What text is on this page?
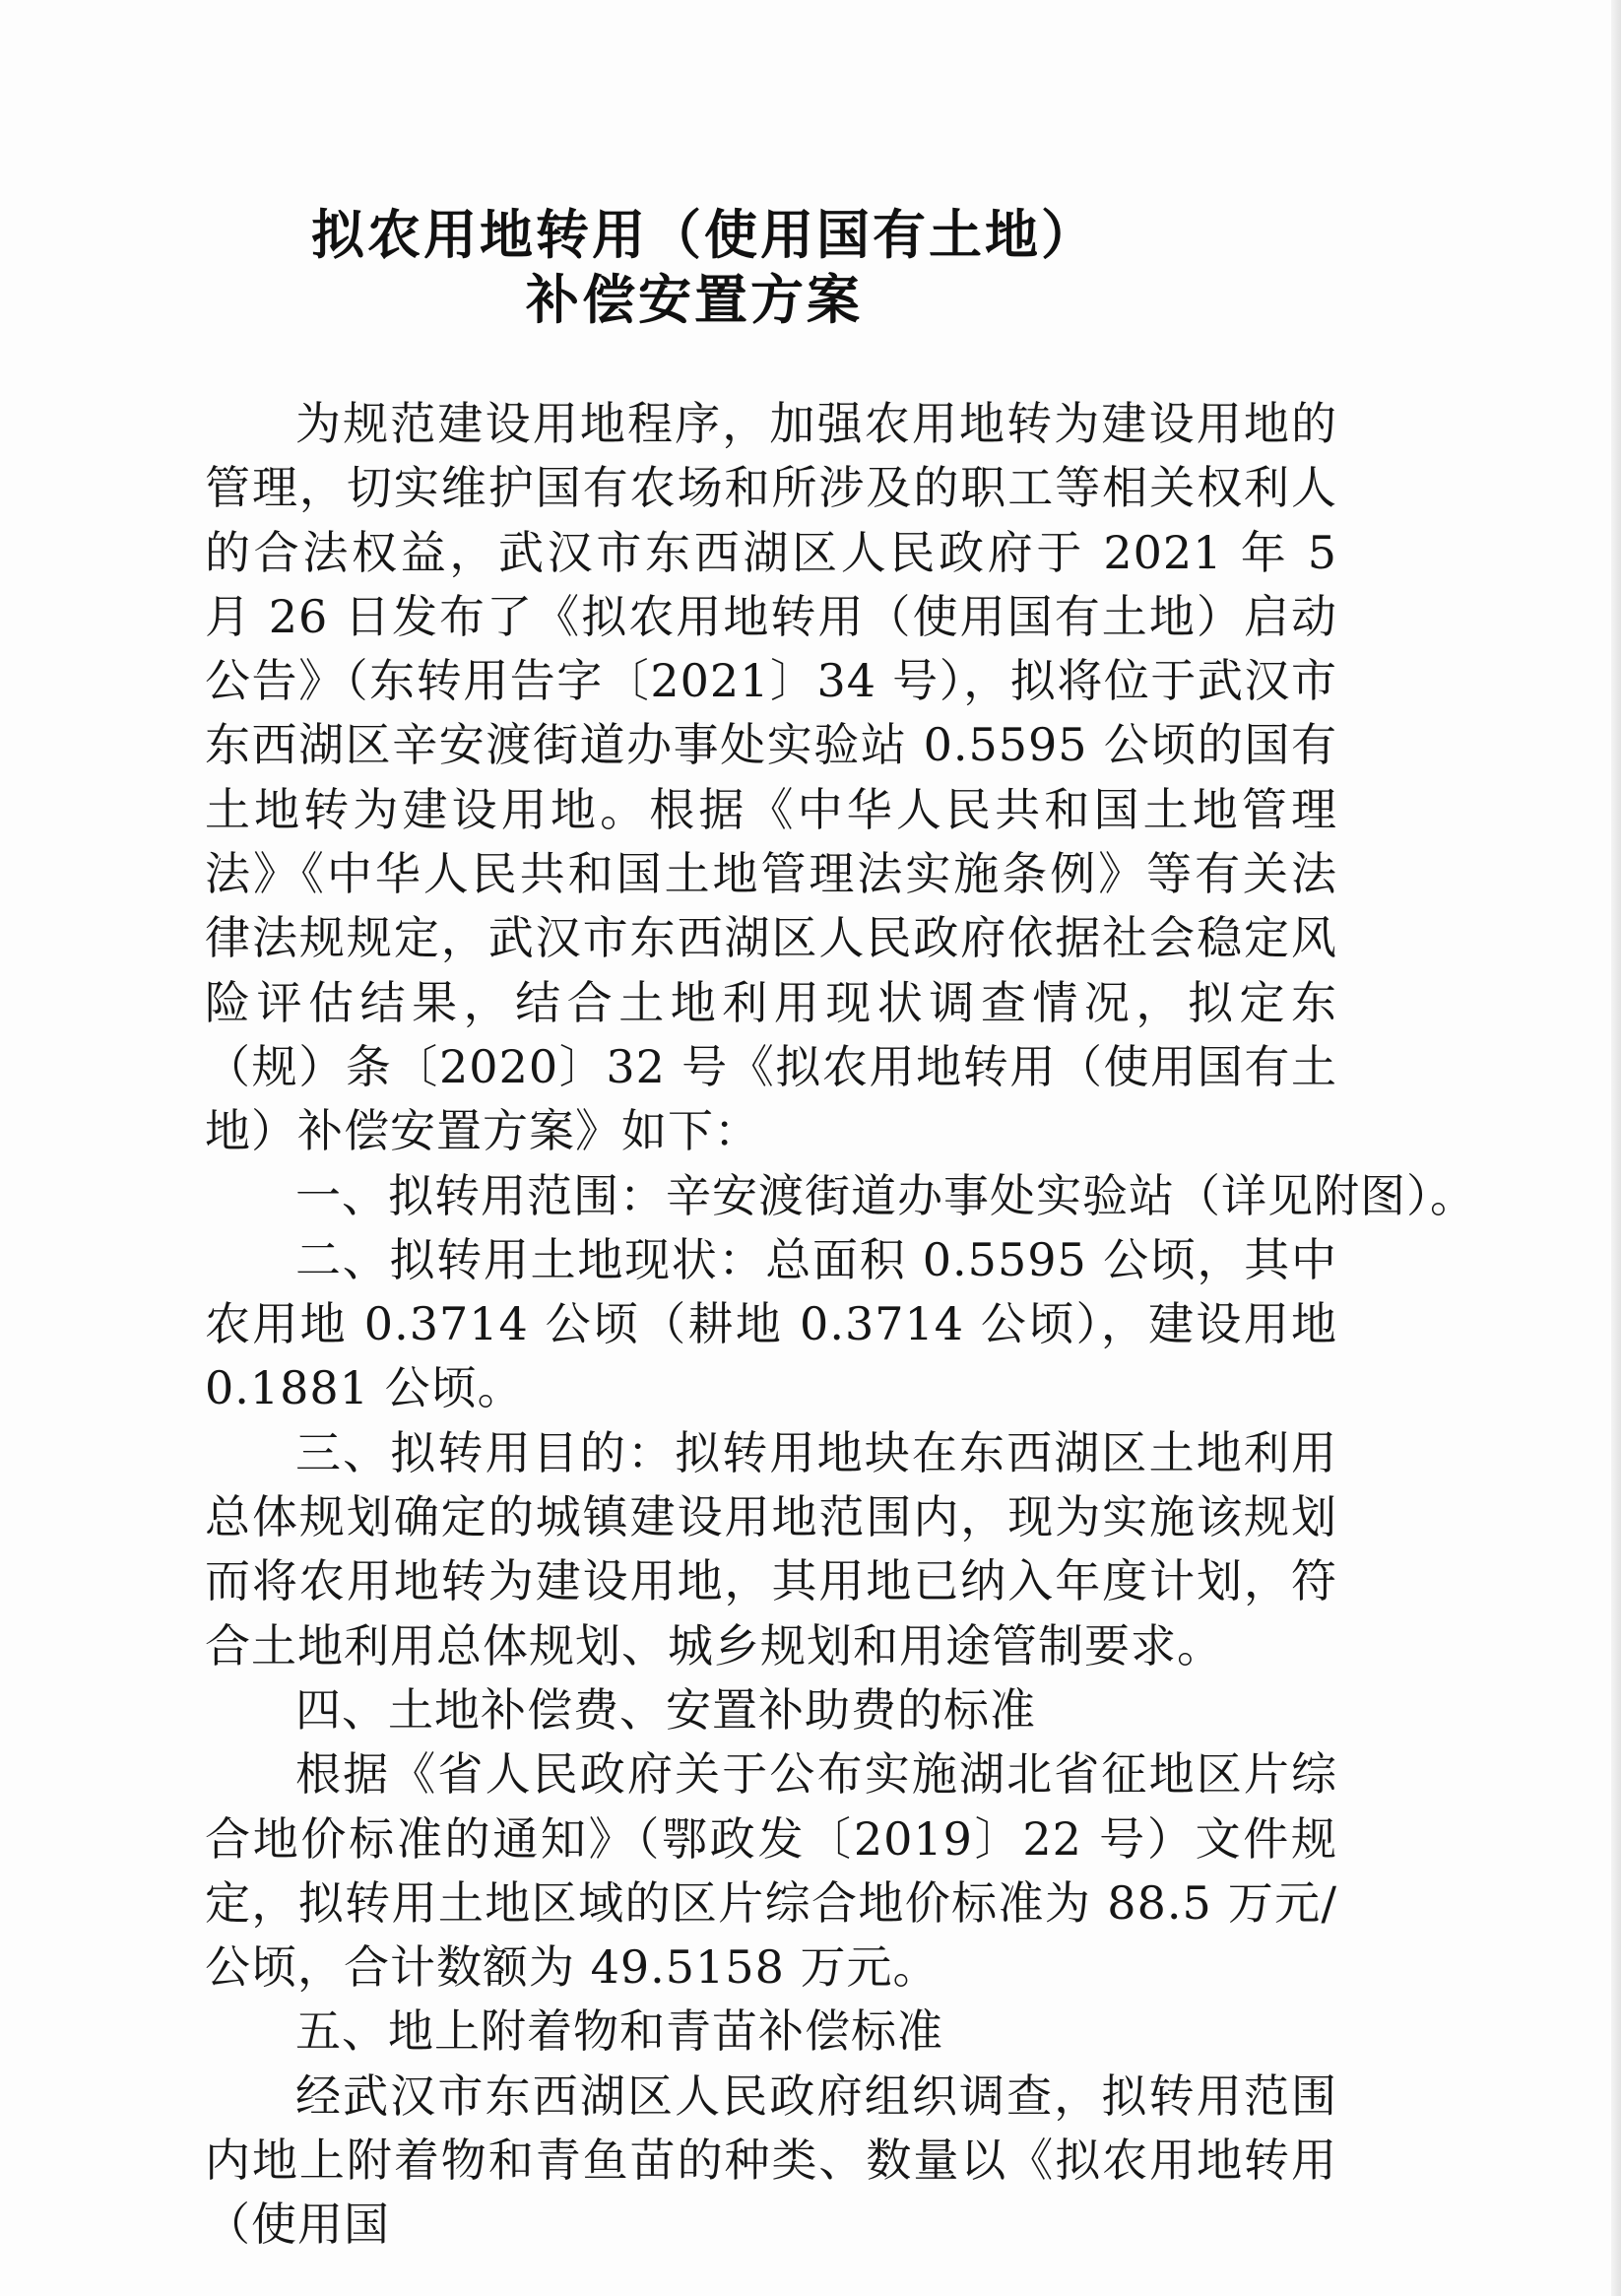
拟农用地转用（使用国有土地）
补偿安置方案

为规范建设用地程序，加强农用地转为建设用地的管理，切实维护国有农场和所涉及的职工等相关权利人的合法权益，武汉市东西湖区人民政府于 2021 年 5 月 26 日发布了《拟农用地转用（使用国有土地）启动公告》（东转用告字〔2021〕34 号），拟将位于武汉市东西湖区辛安渡街道办事处实验站 0.5595 公顷的国有土地转为建设用地。根据《中华人民共和国土地管理法》《中华人民共和国土地管理法实施条例》等有关法律法规规定，武汉市东西湖区人民政府依据社会稳定风险评估结果，结合土地利用现状调查情况，拟定东（规）条〔2020〕32 号《拟农用地转用（使用国有土地）补偿安置方案》如下：

一、拟转用范围：辛安渡街道办事处实验站（详见附图）。

二、拟转用土地现状：总面积 0.5595 公顷，其中农用地 0.3714 公顷（耕地 0.3714 公顷），建设用地 0.1881 公顷。

三、拟转用目的：拟转用地块在东西湖区土地利用总体规划确定的城镇建设用地范围内，现为实施该规划而将农用地转为建设用地，其用地已纳入年度计划，符合土地利用总体规划、城乡规划和用途管制要求。

四、土地补偿费、安置补助费的标准

根据《省人民政府关于公布实施湖北省征地区片综合地价标准的通知》（鄂政发〔2019〕22 号）文件规定，拟转用土地区域的区片综合地价标准为 88.5 万元/公顷，合计数额为 49.5158 万元。

五、地上附着物和青苗补偿标准

经武汉市东西湖区人民政府组织调查，拟转用范围内地上附着物和青鱼苗的种类、数量以《拟农用地转用（使用国
